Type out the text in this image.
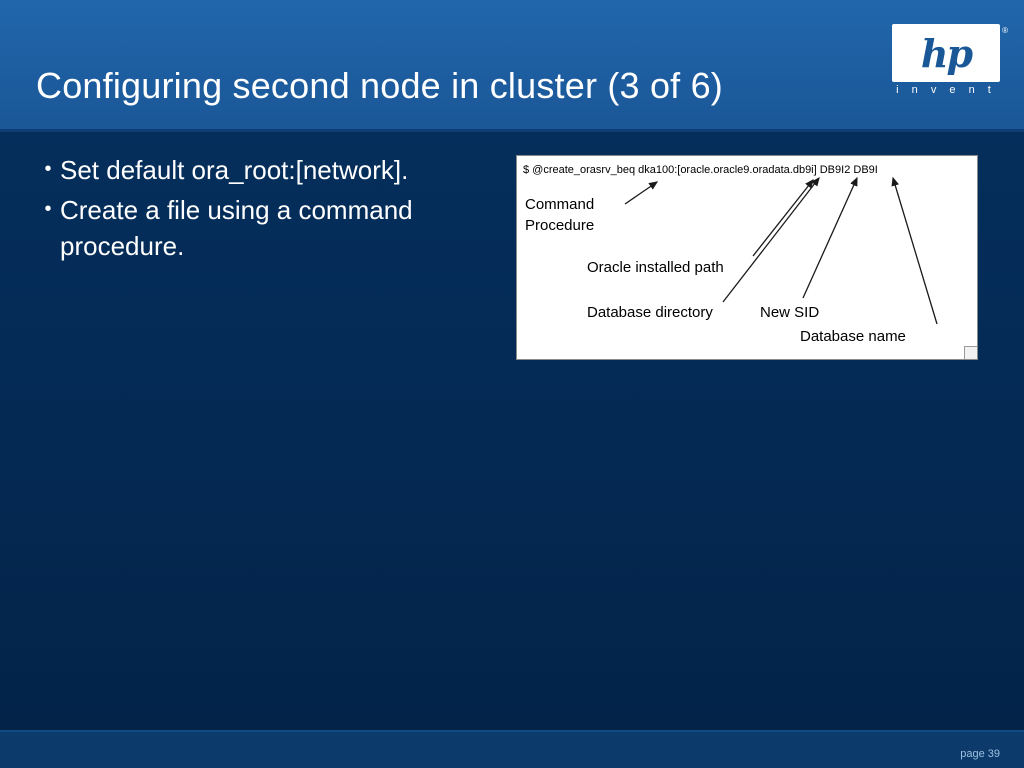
Configuring second node in cluster (3 of 6)
hp	®
i n v e n t
• Set default ora_root:[network].
• Create a file using a command procedure.
$ @create_orasrv_beq dka100:[oracle.oracle9.oradata.db9i] DB9I2 DB9I
Command
Procedure
Oracle installed path
Database directory	New SID
Database name
page 39
